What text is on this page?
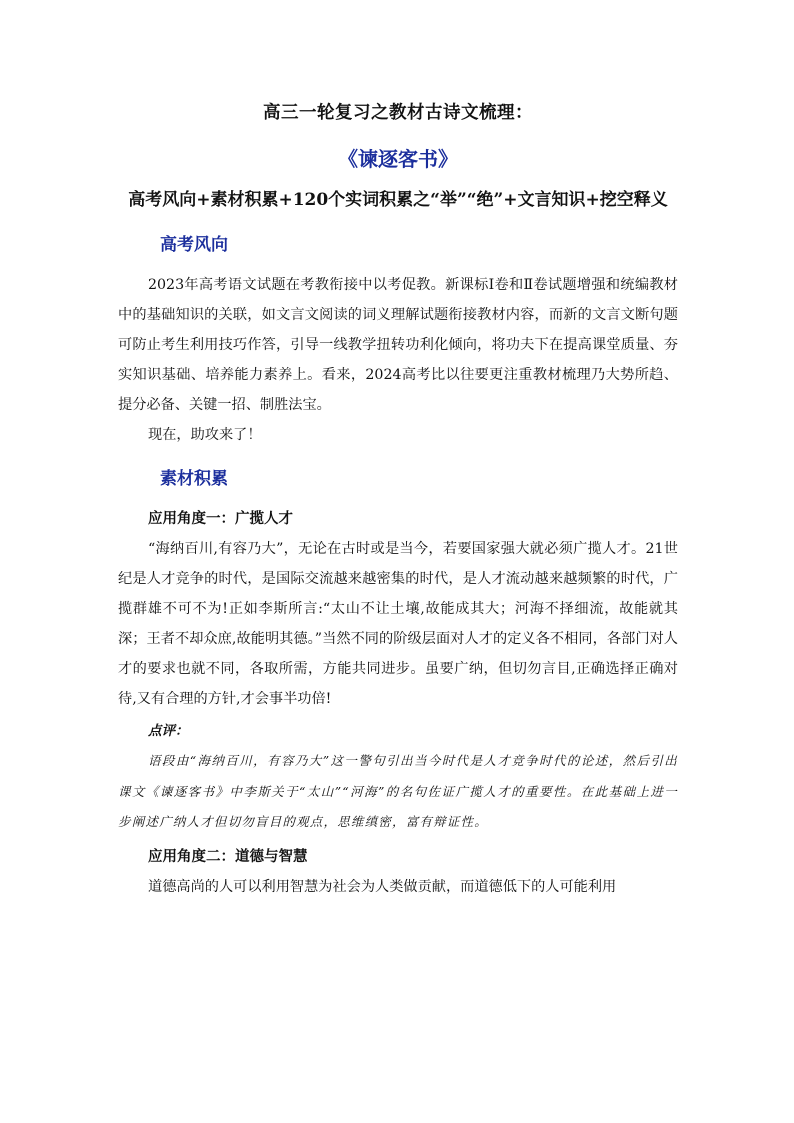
高三一轮复习之教材古诗文梳理：
《谏逐客书》
高考风向+素材积累+120个实词积累之“举”“绝”+文言知识+挖空释义
高考风向

2023年高考语文试题在考教衔接中以考促教。新课标Ⅰ卷和Ⅱ卷试题增强和统编教材中的基础知识的关联，如文言文阅读的词义理解试题衔接教材内容，而新的文言文断句题可防止考生利用技巧作答，引导一线教学扭转功利化倾向，将功夫下在提高课堂质量、夯实知识基础、培养能力素养上。看来，2024高考比以往要更注重教材梳理乃大势所趋、提分必备、关键一招、制胜法宝。

现在，助攻来了！

素材积累
应用角度一：广揽人才

“海纳百川,有容乃大”，无论在古时或是当今，若要国家强大就必须广揽人才。21世纪是人才竞争的时代，是国际交流越来越密集的时代，是人才流动越来越频繁的时代，广揽群雄不可不为!正如李斯所言:“太山不让土壤,故能成其大；河海不择细流，故能就其深；王者不却众庶,故能明其德。”当然不同的阶级层面对人才的定义各不相同，各部门对人才的要求也就不同，各取所需，方能共同进步。虽要广纳，但切勿言目,正确选择正确对待,又有合理的方针,才会事半功倍!

点评：

语段由“海纳百川，有容乃大”这一警句引出当今时代是人才竞争时代的论述，然后引出课文《谏逐客书》中李斯关于“太山”“河海”的名句佐证广揽人才的重要性。在此基础上进一步阐述广纳人才但切勿盲目的观点，思维缜密，富有辩证性。

应用角度二：道德与智慧

道德高尚的人可以利用智慧为社会为人类做贡献，而道德低下的人可能利用
